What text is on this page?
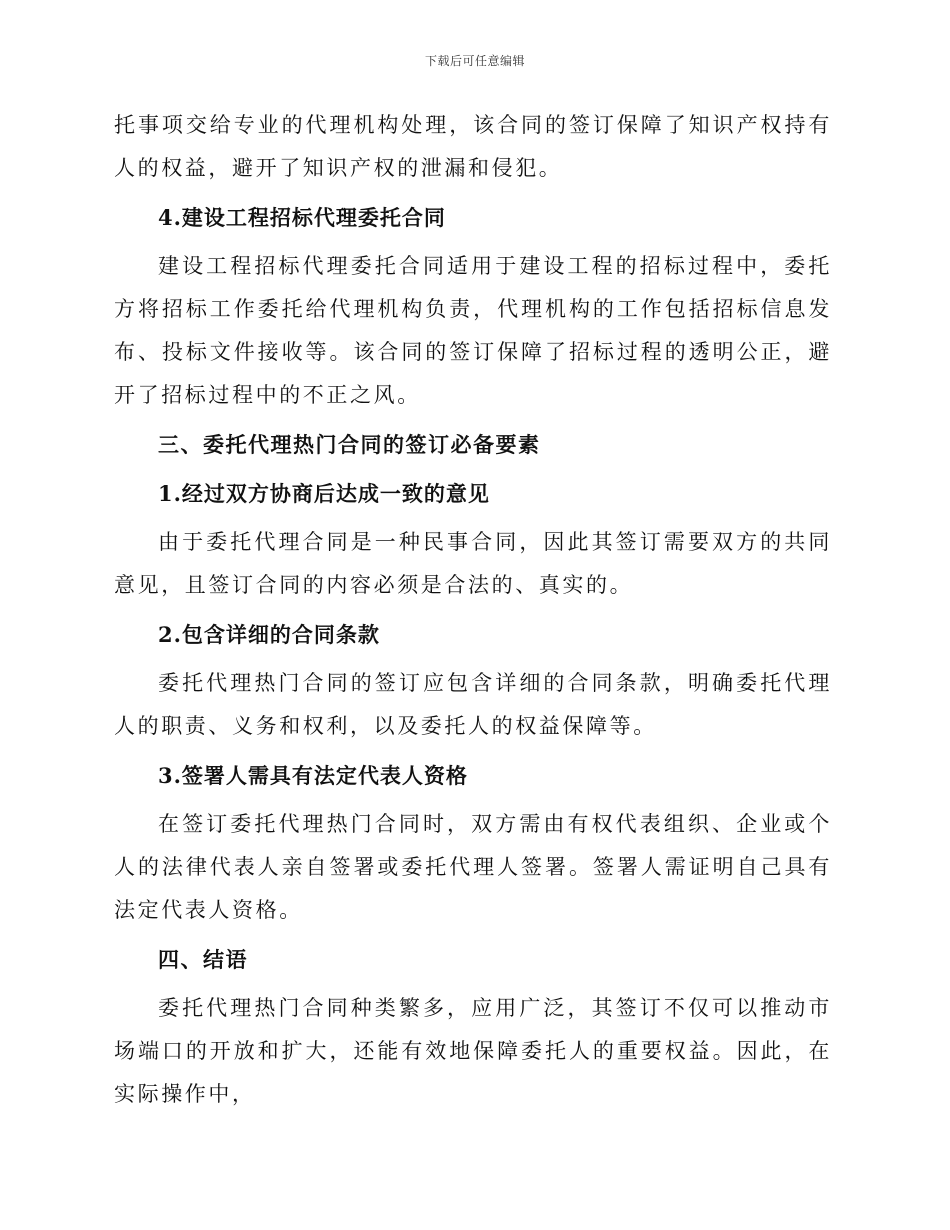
下载后可任意编辑

托事项交给专业的代理机构处理，该合同的签订保障了知识产权持有人的权益，避开了知识产权的泄漏和侵犯。

4.建设工程招标代理委托合同

建设工程招标代理委托合同适用于建设工程的招标过程中，委托方将招标工作委托给代理机构负责，代理机构的工作包括招标信息发布、投标文件接收等。该合同的签订保障了招标过程的透明公正，避开了招标过程中的不正之风。

三、委托代理热门合同的签订必备要素
1.经过双方协商后达成一致的意见

由于委托代理合同是一种民事合同，因此其签订需要双方的共同意见，且签订合同的内容必须是合法的、真实的。

2.包含详细的合同条款

委托代理热门合同的签订应包含详细的合同条款，明确委托代理人的职责、义务和权利，以及委托人的权益保障等。

3.签署人需具有法定代表人资格

在签订委托代理热门合同时，双方需由有权代表组织、企业或个人的法律代表人亲自签署或委托代理人签署。签署人需证明自己具有法定代表人资格。

四、结语

委托代理热门合同种类繁多，应用广泛，其签订不仅可以推动市场端口的开放和扩大，还能有效地保障委托人的重要权益。因此，在实际操作中，
